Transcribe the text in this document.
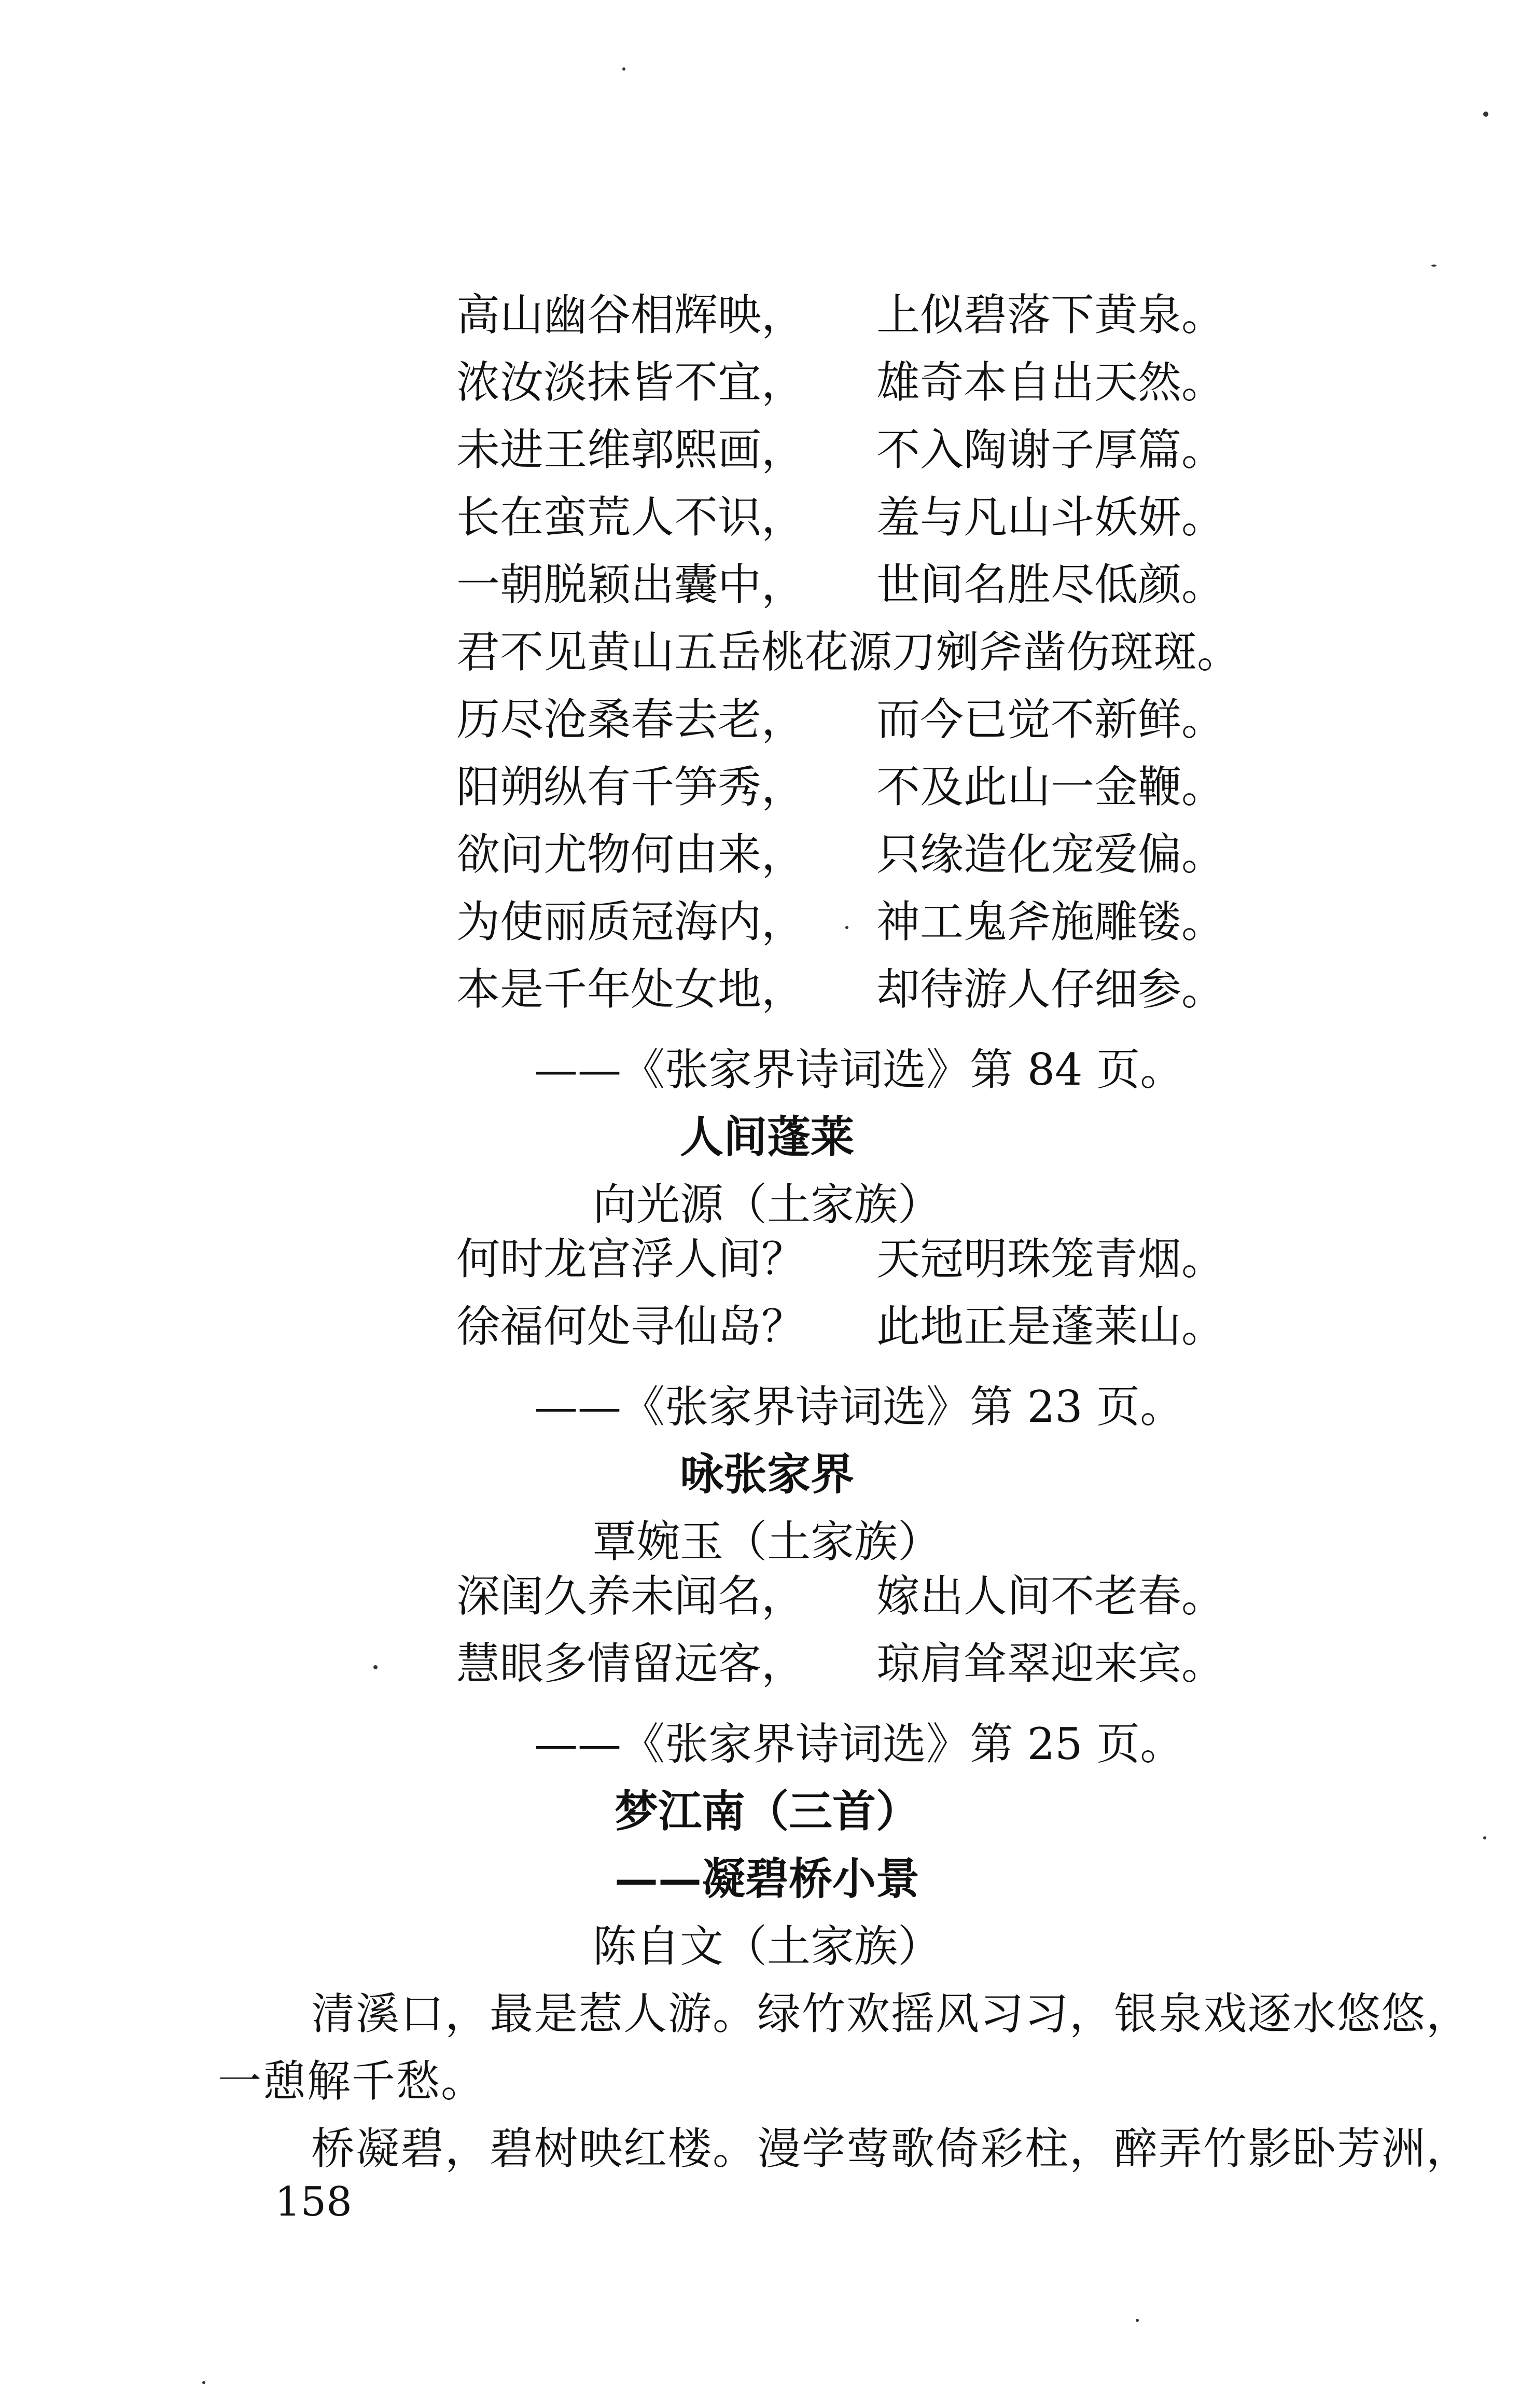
高山幽谷相辉映， 上似碧落下黄泉。
浓汝淡抹皆不宜， 雄奇本自出天然。
未进王维郭熙画， 不入陶谢子厚篇。
长在蛮荒人不识， 羞与凡山斗妖妍。
一朝脱颖出囊中， 世间名胜尽低颜。
君不见黄山五岳桃花源刀剜斧凿伤斑斑。
历尽沧桑春去老， 而今已觉不新鲜。
阳朔纵有千笋秀， 不及此山一金鞭。
欲问尤物何由来， 只缘造化宠爱偏。
为使丽质冠海内， 神工鬼斧施雕镂。
本是千年处女地， 却待游人仔细参。
——《张家界诗词选》第 84 页。
人间蓬莱
向光源（土家族）
何时龙宫浮人间？ 天冠明珠笼青烟。
徐福何处寻仙岛？ 此地正是蓬莱山。
——《张家界诗词选》第 23 页。
咏张家界
覃婉玉（土家族）
深闺久养未闻名， 嫁出人间不老春。
慧眼多情留远客， 琼肩耸翠迎来宾。
——《张家界诗词选》第 25 页。
梦江南（三首）
——凝碧桥小景
陈自文（土家族）
清溪口，最是惹人游。绿竹欢摇风习习，银泉戏逐水悠悠，
一憩解千愁。
桥凝碧，碧树映红楼。漫学莺歌倚彩柱，醉弄竹影卧芳洲，
158
